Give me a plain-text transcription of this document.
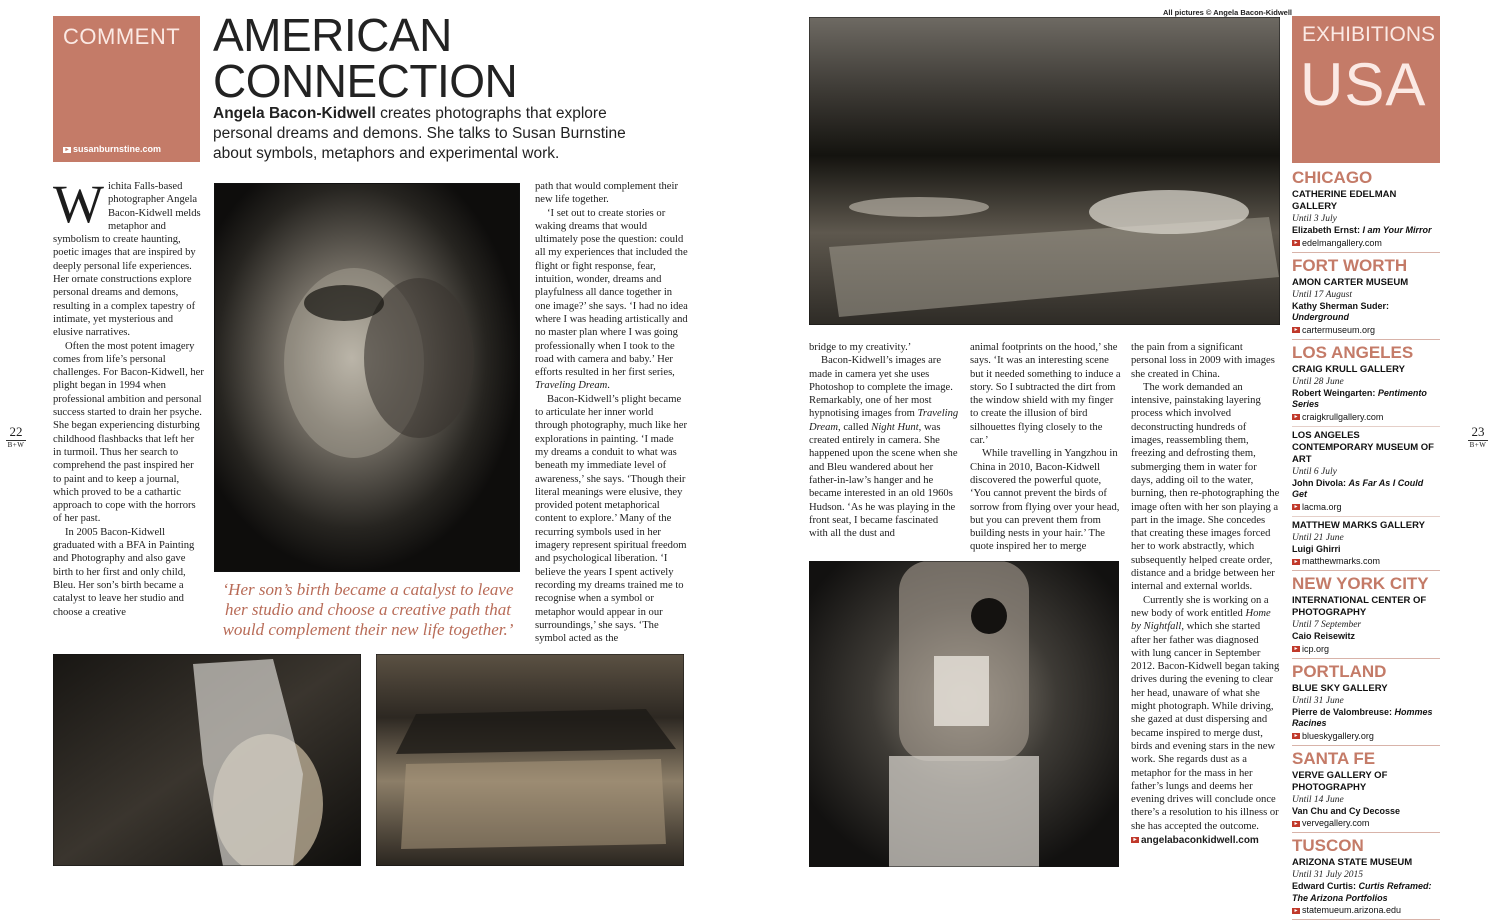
COMMENT
▸ susanburnstine.com
AMERICAN
CONNECTION
Angela Bacon-Kidwell creates photographs that explore personal dreams and demons. She talks to Susan Burnstine about symbols, metaphors and experimental work.

Wichita Falls-based photographer Angela Bacon-Kidwell melds metaphor and symbolism to create haunting, poetic images that are inspired by deeply personal life experiences. Her ornate constructions explore personal dreams and demons, resulting in a complex tapestry of intimate, yet mysterious and elusive narratives.

Often the most potent imagery comes from life’s personal challenges. For Bacon-Kidwell, her plight began in 1994 when professional ambition and personal success started to drain her psyche. She began experiencing disturbing childhood flashbacks that left her in turmoil. Thus her search to comprehend the past inspired her to paint and to keep a journal, which proved to be a cathartic approach to cope with the horrors of her past.

In 2005 Bacon-Kidwell graduated with a BFA in Painting and Photography and also gave birth to her first and only child, Bleu. Her son’s birth became a catalyst to leave her studio and choose a creative

‘Her son’s birth became a catalyst to leave her studio and choose a creative path that would complement their new life together.’

path that would complement their new life together.

‘I set out to create stories or waking dreams that would ultimately pose the question: could all my experiences that included the flight or fight response, fear, intuition, wonder, dreams and playfulness all dance together in one image?’ she says. ‘I had no idea where I was heading artistically and no master plan where I was going professionally when I took to the road with camera and baby.’ Her efforts resulted in her first series, Traveling Dream.

Bacon-Kidwell’s plight became to articulate her inner world through photography, much like her explorations in painting. ‘I made my dreams a conduit to what was beneath my immediate level of awareness,’ she says. ‘Though their literal meanings were elusive, they provided potent metaphorical content to explore.’ Many of the recurring symbols used in her imagery represent spiritual freedom and psychological liberation. ‘I believe the years I spent actively recording my dreams trained me to recognise when a symbol or metaphor would appear in our surroundings,’ she says. ‘The symbol acted as the

22
B+W
All pictures © Angela Bacon-Kidwell

bridge to my creativity.’

Bacon-Kidwell’s images are made in camera yet she uses Photoshop to complete the image. Remarkably, one of her most hypnotising images from Traveling Dream, called Night Hunt, was created entirely in camera. She happened upon the scene when she and Bleu wandered about her father-in-law’s hanger and he became interested in an old 1960s Hudson. ‘As he was playing in the front seat, I became fascinated with all the dust and

animal footprints on the hood,’ she says. ‘It was an interesting scene but it needed something to induce a story. So I subtracted the dirt from the window shield with my finger to create the illusion of bird silhouettes flying closely to the car.’

While travelling in Yangzhou in China in 2010, Bacon-Kidwell discovered the powerful quote, ‘You cannot prevent the birds of sorrow from flying over your head, but you can prevent them from building nests in your hair.’ The quote inspired her to merge

the pain from a significant personal loss in 2009 with images she created in China.

The work demanded an intensive, painstaking layering process which involved deconstructing hundreds of images, reassembling them, freezing and defrosting them, submerging them in water for days, adding oil to the water, burning, then re-photographing the image often with her son playing a part in the image. She concedes that creating these images forced her to work abstractly, which subsequently helped create order, distance and a bridge between her internal and external worlds.

Currently she is working on a new body of work entitled Home by Nightfall, which she started after her father was diagnosed with lung cancer in September 2012. Bacon-Kidwell began taking drives during the evening to clear her head, unaware of what she might photograph. While driving, she gazed at dust dispersing and became inspired to merge dust, birds and evening stars in the new work. She regards dust as a metaphor for the mass in her father’s lungs and deems her evening drives will conclude once there’s a resolution to his illness or she has accepted the outcome.

▸ angelabaconkidwell.com

23
B+W
EXHIBITIONS
USA
CHICAGO
CATHERINE EDELMAN GALLERY
Until 3 July
Elizabeth Ernst: I am Your Mirror
▸ edelmangallery.com
FORT WORTH
AMON CARTER MUSEUM
Until 17 August
Kathy Sherman Suder: Underground
▸ cartermuseum.org
LOS ANGELES
CRAIG KRULL GALLERY
Until 28 June
Robert Weingarten: Pentimento Series
▸ craigkrullgallery.com
LOS ANGELES CONTEMPORARY MUSEUM OF ART
Until 6 July
John Divola: As Far As I Could Get
▸ lacma.org
MATTHEW MARKS GALLERY
Until 21 June
Luigi Ghirri
▸ matthewmarks.com
NEW YORK CITY
INTERNATIONAL CENTER OF PHOTOGRAPHY
Until 7 September
Caio Reisewitz
▸ icp.org
PORTLAND
BLUE SKY GALLERY
Until 31 June
Pierre de Valombreuse: Hommes Racines
▸ blueskygallery.org
SANTA FE
VERVE GALLERY OF PHOTOGRAPHY
Until 14 June
Van Chu and Cy Decosse
▸ vervegallery.com
TUSCON
ARIZONA STATE MUSEUM
Until 31 July 2015
Edward Curtis: Curtis Reframed: The Arizona Portfolios
▸ statemueum.arizona.edu
